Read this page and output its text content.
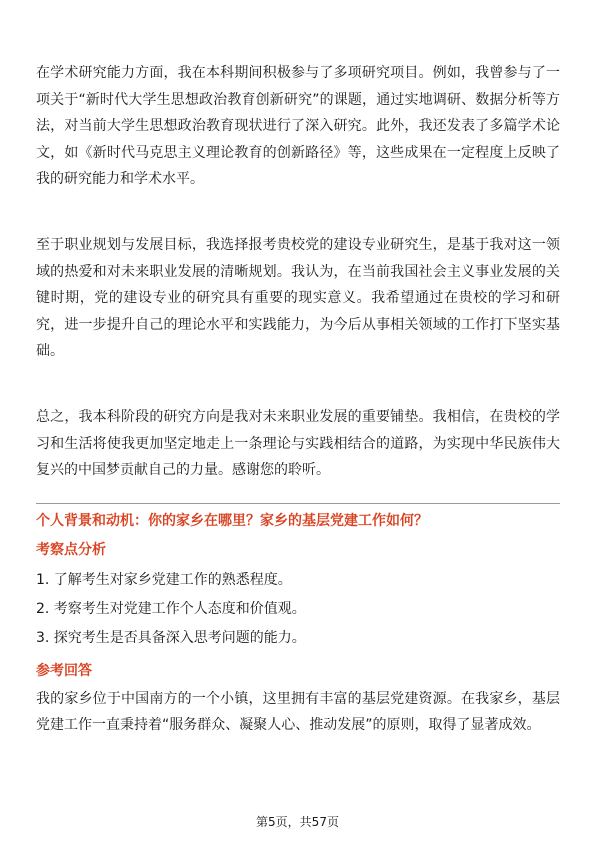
在学术研究能力方面，我在本科期间积极参与了多项研究项目。例如，我曾参与了一项关于“新时代大学生思想政治教育创新研究”的课题，通过实地调研、数据分析等方法，对当前大学生思想政治教育现状进行了深入研究。此外，我还发表了多篇学术论文，如《新时代马克思主义理论教育的创新路径》等，这些成果在一定程度上反映了我的研究能力和学术水平。

至于职业规划与发展目标，我选择报考贵校党的建设专业研究生，是基于我对这一领域的热爱和对未来职业发展的清晰规划。我认为，在当前我国社会主义事业发展的关键时期，党的建设专业的研究具有重要的现实意义。我希望通过在贵校的学习和研究，进一步提升自己的理论水平和实践能力，为今后从事相关领域的工作打下坚实基础。

总之，我本科阶段的研究方向是我对未来职业发展的重要铺垫。我相信，在贵校的学习和生活将使我更加坚定地走上一条理论与实践相结合的道路，为实现中华民族伟大复兴的中国梦贡献自己的力量。感谢您的聆听。

个人背景和动机：你的家乡在哪里？家乡的基层党建工作如何？

考察点分析

1. 了解考生对家乡党建工作的熟悉程度。
2. 考察考生对党建工作个人态度和价值观。
3. 探究考生是否具备深入思考问题的能力。

参考回答

我的家乡位于中国南方的一个小镇，这里拥有丰富的基层党建资源。在我家乡，基层党建工作一直秉持着“服务群众、凝聚人心、推动发展”的原则，取得了显著成效。

第5页，共57页
